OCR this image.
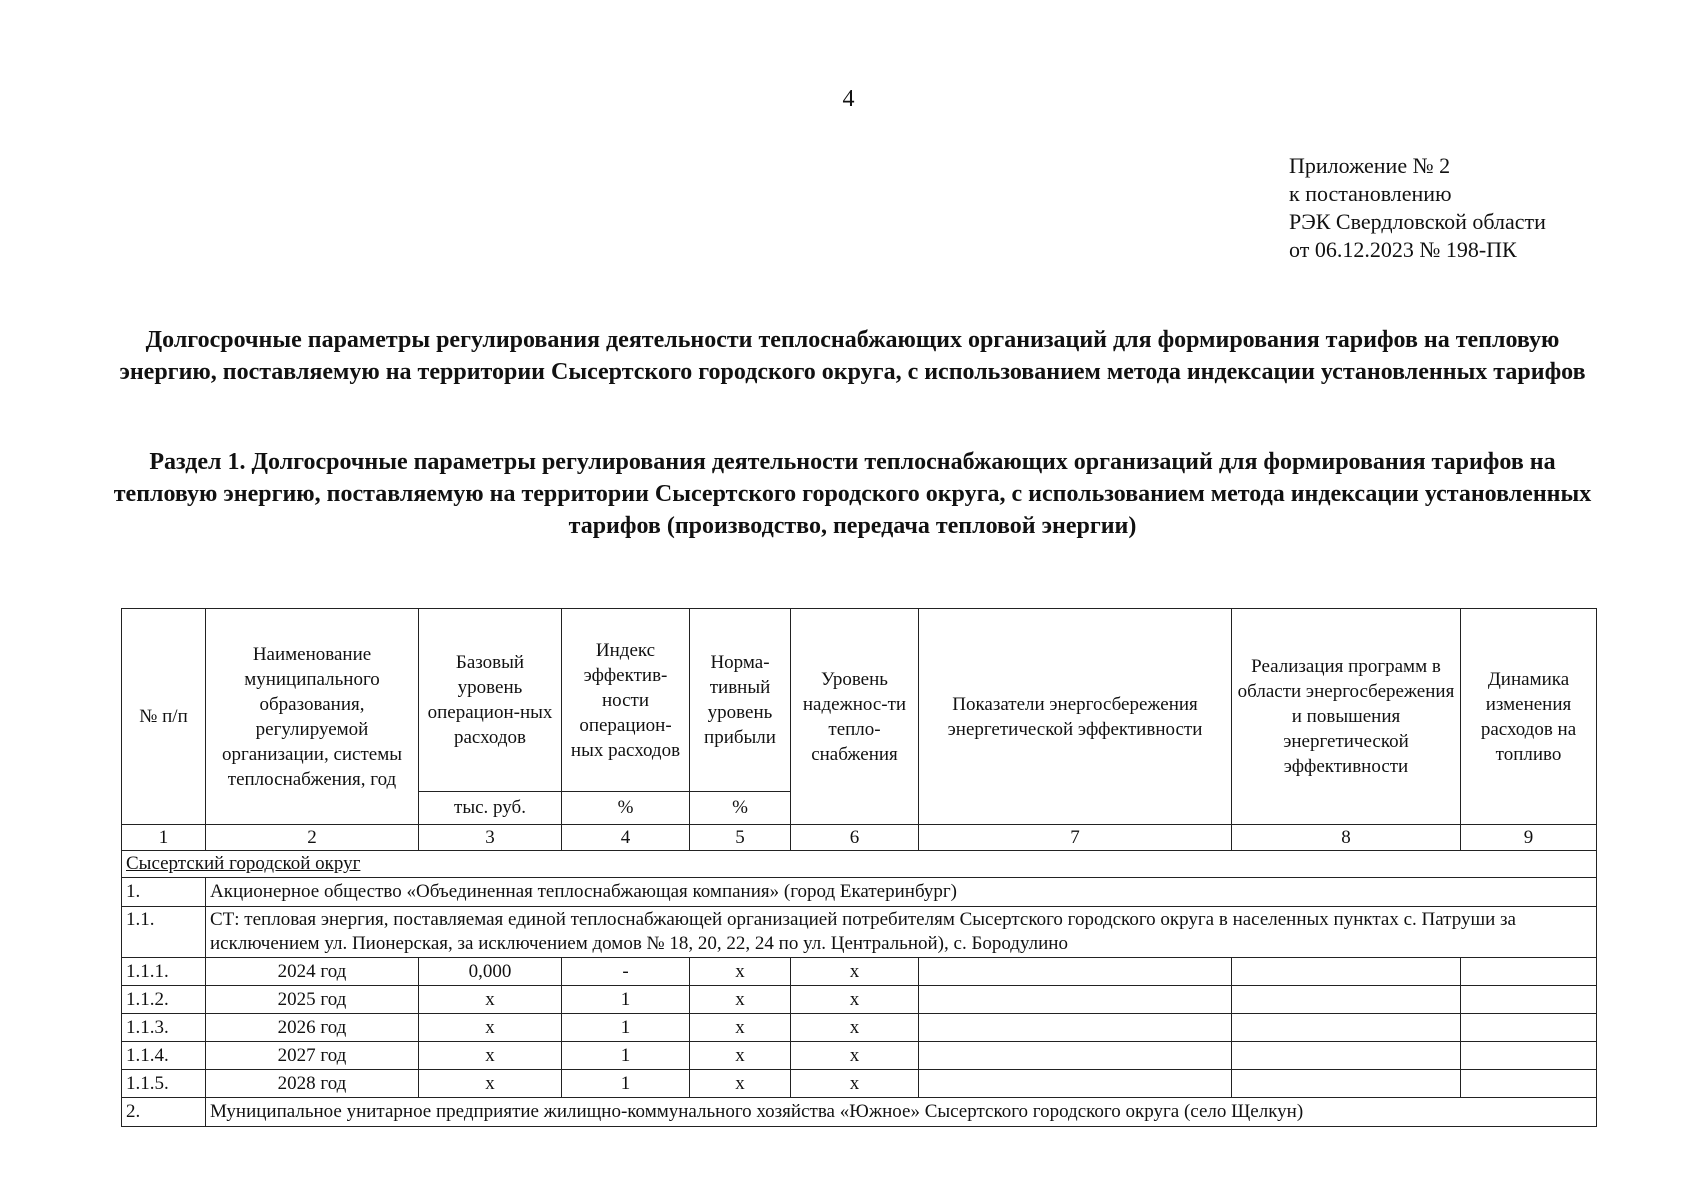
4
Приложение № 2
к постановлению
РЭК Свердловской области
от 06.12.2023 № 198-ПК

Долгосрочные параметры регулирования деятельности теплоснабжающих организаций для формирования тарифов на тепловую энергию, поставляемую на территории Сысертского городского округа, с использованием метода индексации установленных тарифов

Раздел 1. Долгосрочные параметры регулирования деятельности теплоснабжающих организаций для формирования тарифов на тепловую энергию, поставляемую на территории Сысертского городского округа, с использованием метода индексации установленных тарифов (производство, передача тепловой энергии)

№ п/п	Наименование муниципального образования, регулируемой организации, системы теплоснабжения, год	Базовый уровень операцион-ных расходов	Индекс эффектив-ности операцион-ных расходов	Норма-тивный уровень прибыли	Уровень надежнос-ти тепло-снабжения	Показатели энергосбережения энергетической эффективности	Реализация программ в области энергосбережения и повышения энергетической эффективности	Динамика изменения расходов на топливо
		тыс. руб.	%	%				
1	2	3	4	5	6	7	8	9
Сысертский городской округ								
1.	Акционерное общество «Объединенная теплоснабжающая компания» (город Екатеринбург)							
1.1.	СТ: тепловая энергия, поставляемая единой теплоснабжающей организацией потребителям Сысертского городского округа в населенных пунктах с. Патруши за исключением ул. Пионерская, за исключением домов № 18, 20, 22, 24 по ул. Центральной), с. Бородулино							
1.1.1.	2024 год	0,000	-	x	x			
1.1.2.	2025 год	x	1	x	x			
1.1.3.	2026 год	x	1	x	x			
1.1.4.	2027 год	x	1	x	x			
1.1.5.	2028 год	x	1	x	x			
2.	Муниципальное унитарное предприятие жилищно-коммунального хозяйства «Южное» Сысертского городского округа (село Щелкун)							
